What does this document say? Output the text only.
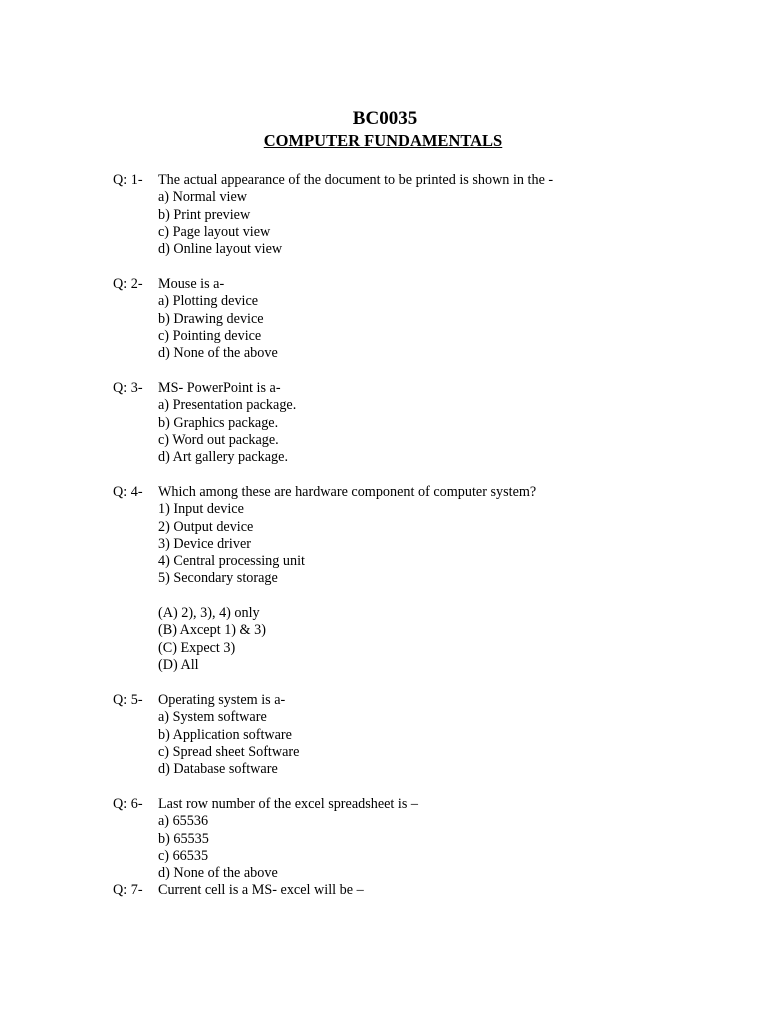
BC0035
COMPUTER FUNDAMENTALS
Q: 1-	The actual appearance of the document to be printed is shown in the -
a) Normal view
b) Print preview
c) Page layout view
d) Online layout view
Q: 2-	Mouse is a-
a) Plotting device
b) Drawing device
c) Pointing device
d) None of the above
Q: 3-	MS- PowerPoint is a-
a) Presentation package.
b) Graphics package.
c) Word out package.
d) Art gallery package.
Q: 4-	Which among these are hardware component of computer system?
1) Input device
2) Output device
3) Device driver
4) Central processing unit
5) Secondary storage
(A) 2), 3), 4) only
(B) Axcept 1) & 3)
(C) Expect 3)
(D) All
Q: 5-	Operating system is a-
a) System software
b) Application software
c) Spread sheet Software
d) Database software
Q: 6-	Last row number of the excel spreadsheet is –
a) 65536
b) 65535
c) 66535
d) None of the above
Q: 7-	Current cell is a MS- excel will be –
